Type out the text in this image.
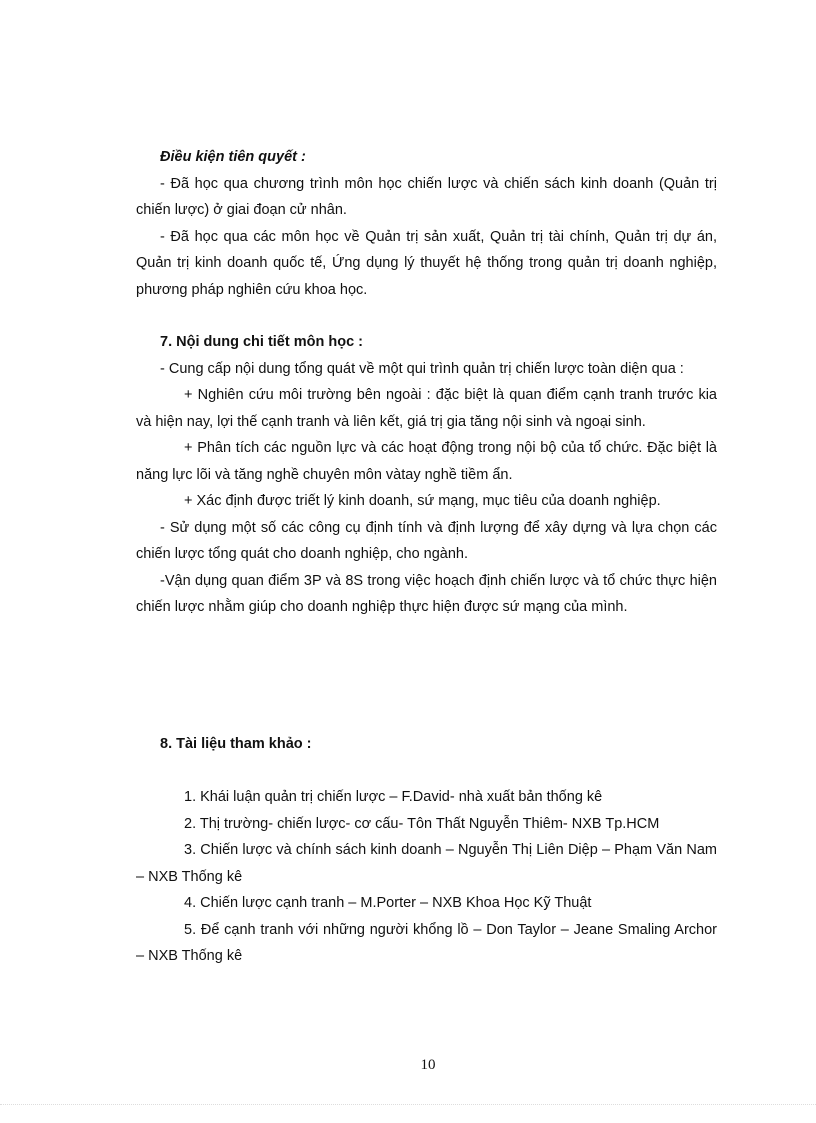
Điều kiện tiên quyết :

- Đã học qua chương trình môn học chiến lược và chiến sách kinh doanh (Quản trị chiến lược) ở giai đoạn cử nhân.

- Đã học qua các môn học về Quản trị sản xuất, Quản trị tài chính, Quản trị dự án, Quản trị kinh doanh quốc tế, Ứng dụng lý thuyết hệ thống trong quản trị doanh nghiệp, phương pháp nghiên cứu khoa học.

7. Nội dung chi tiết môn học :

- Cung cấp nội dung tổng quát về một qui trình quản trị chiến lược toàn diện qua :

+ Nghiên cứu môi trường bên ngoài : đặc biệt là quan điểm cạnh tranh trước kia và hiện nay, lợi thế cạnh tranh và liên kết, giá trị gia tăng nội sinh và ngoại sinh.

+ Phân tích các nguồn lực và các hoạt động trong nội bộ của tổ chức. Đặc biệt là năng lực lõi và tăng nghề chuyên môn vàtay nghề tiềm ẩn.

+ Xác định được triết lý kinh doanh, sứ mạng, mục tiêu của doanh nghiệp.

- Sử dụng một số các công cụ định tính và định lượng để xây dựng và lựa chọn các chiến lược tổng quát cho doanh nghiệp, cho ngành.

-Vận dụng quan điểm 3P và 8S trong việc hoạch định chiến lược và tổ chức thực hiện chiến lược nhằm giúp cho doanh nghiệp thực hiện được sứ mạng của mình.

8. Tài liệu tham khảo :

1. Khái luận quản trị chiến lược – F.David- nhà xuất bản thống kê

2. Thị trường- chiến lược- cơ cấu- Tôn Thất Nguyễn Thiêm- NXB Tp.HCM

3. Chiến lược và chính sách kinh doanh – Nguyễn Thị Liên Diệp – Phạm Văn Nam – NXB Thống kê

4. Chiến lược cạnh tranh – M.Porter – NXB Khoa Học Kỹ Thuật

5. Để cạnh tranh với những người khổng lồ – Don Taylor – Jeane Smaling Archor – NXB Thống kê

10
